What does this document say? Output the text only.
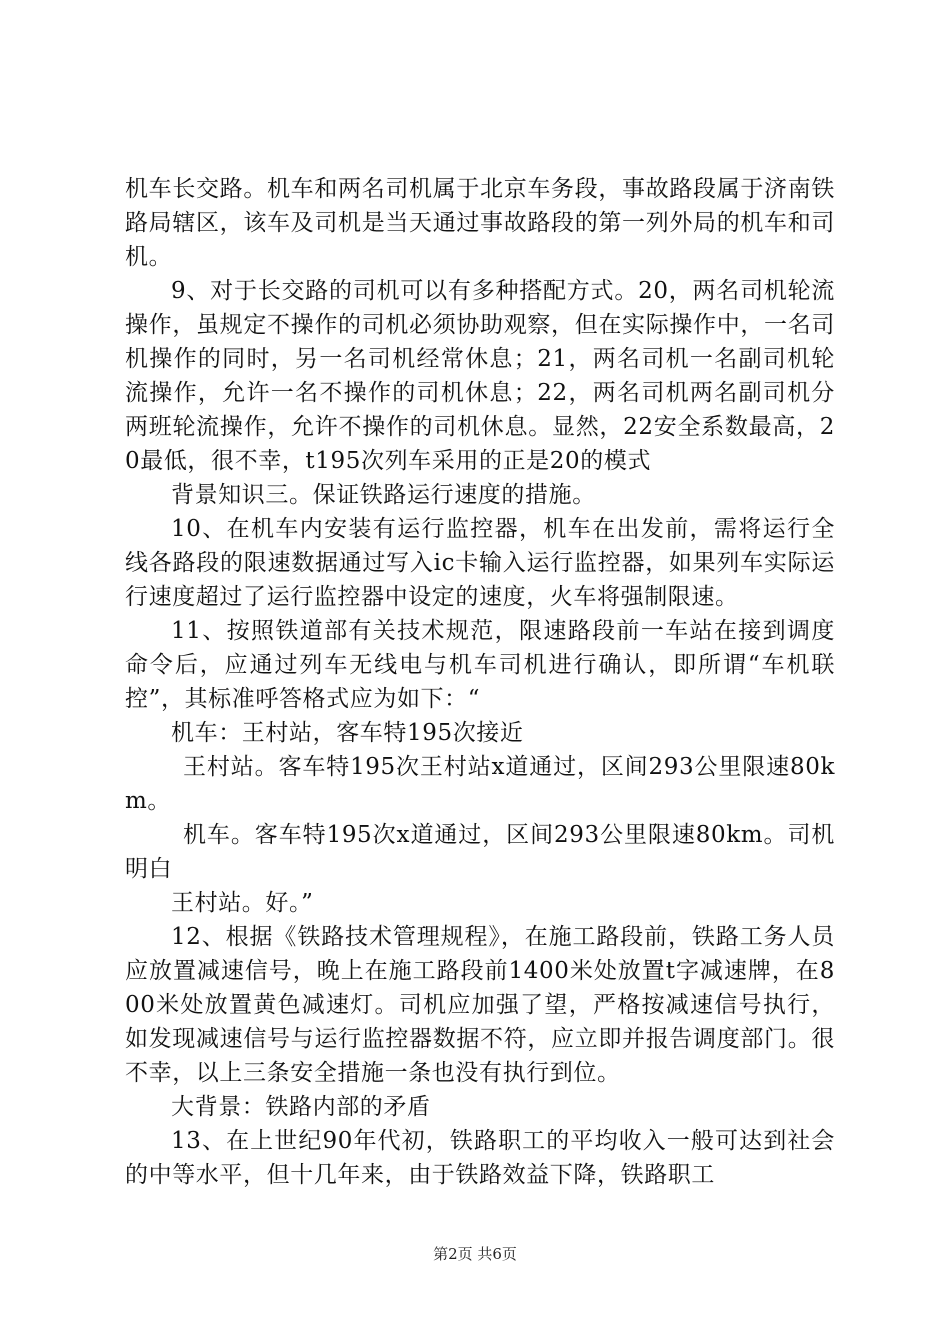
机车长交路。机车和两名司机属于北京车务段，事故路段属于济南铁路局辖区，该车及司机是当天通过事故路段的第一列外局的机车和司机。

9、对于长交路的司机可以有多种搭配方式。20，两名司机轮流操作，虽规定不操作的司机必须协助观察，但在实际操作中，一名司机操作的同时，另一名司机经常休息；21，两名司机一名副司机轮流操作，允许一名不操作的司机休息；22，两名司机两名副司机分两班轮流操作，允许不操作的司机休息。显然，22安全系数最高，20最低，很不幸，t195次列车采用的正是20的模式

背景知识三。保证铁路运行速度的措施。

10、在机车内安装有运行监控器，机车在出发前，需将运行全线各路段的限速数据通过写入ic卡输入运行监控器，如果列车实际运行速度超过了运行监控器中设定的速度，火车将强制限速。

11、按照铁道部有关技术规范，限速路段前一车站在接到调度命令后，应通过列车无线电与机车司机进行确认，即所谓“车机联控”，其标准呼答格式应为如下：“

机车：王村站，客车特195次接近

王村站。客车特195次王村站x道通过，区间293公里限速80km。

机车。客车特195次x道通过，区间293公里限速80km。司机明白

王村站。好。”

12、根据《铁路技术管理规程》，在施工路段前，铁路工务人员应放置减速信号，晚上在施工路段前1400米处放置t字减速牌，在800米处放置黄色减速灯。司机应加强了望，严格按减速信号执行，如发现减速信号与运行监控器数据不符，应立即并报告调度部门。很不幸，以上三条安全措施一条也没有执行到位。

大背景：铁路内部的矛盾

13、在上世纪90年代初，铁路职工的平均收入一般可达到社会的中等水平，但十几年来，由于铁路效益下降，铁路职工

第2页 共6页
